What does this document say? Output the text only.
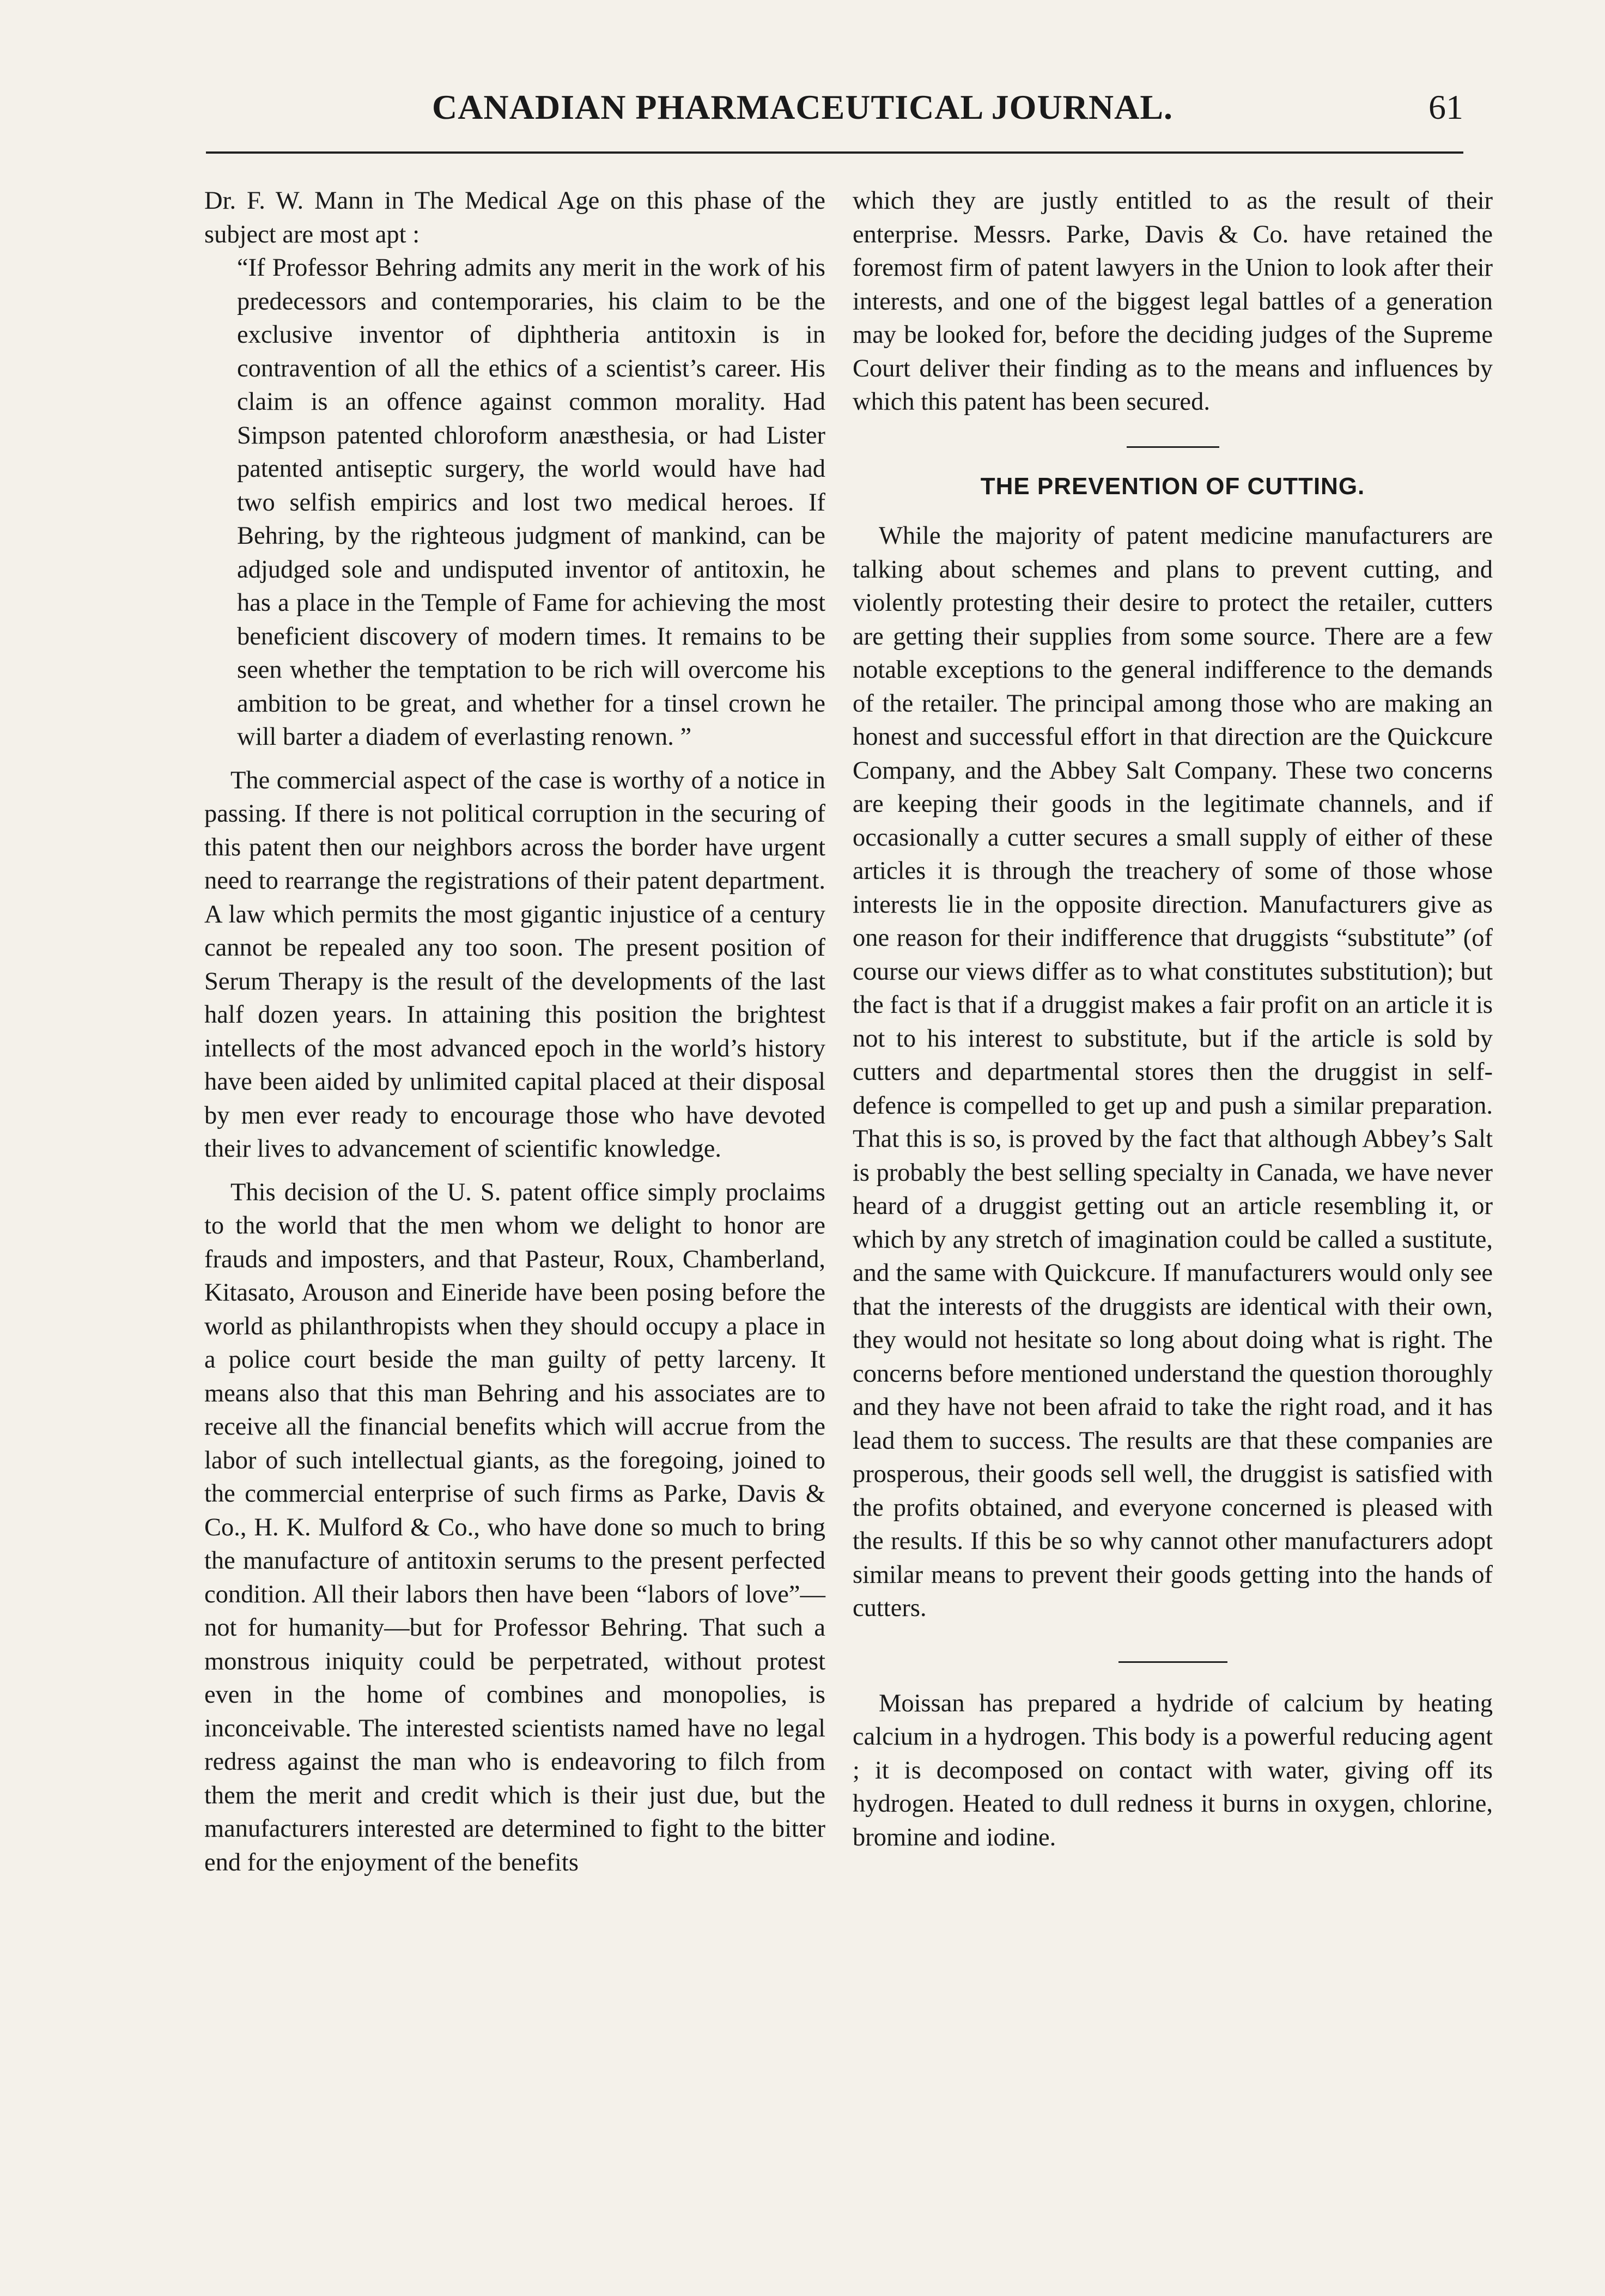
CANADIAN PHARMACEUTICAL JOURNAL.	61

Dr. F. W. Mann in The Medical Age on this phase of the subject are most apt :

“If Professor Behring admits any merit in the work of his predecessors and contemporaries, his claim to be the exclusive inventor of diphtheria antitoxin is in contravention of all the ethics of a scientist’s career. His claim is an offence against common morality. Had Simpson patented chloroform anæsthesia, or had Lister patented antiseptic surgery, the world would have had two selfish empirics and lost two medical heroes. If Behring, by the righteous judgment of mankind, can be adjudged sole and undisputed inventor of antitoxin, he has a place in the Temple of Fame for achieving the most beneficient discovery of modern times. It remains to be seen whether the temptation to be rich will overcome his ambition to be great, and whether for a tinsel crown he will barter a diadem of everlasting renown. ”

The commercial aspect of the case is worthy of a notice in passing. If there is not political corruption in the securing of this patent then our neighbors across the border have urgent need to rearrange the registrations of their patent department. A law which permits the most gigantic injustice of a century cannot be repealed any too soon. The present position of Serum Therapy is the result of the developments of the last half dozen years. In attaining this position the brightest intellects of the most advanced epoch in the world’s history have been aided by unlimited capital placed at their disposal by men ever ready to encourage those who have devoted their lives to advancement of scientific knowledge.

This decision of the U. S. patent office simply proclaims to the world that the men whom we delight to honor are frauds and imposters, and that Pasteur, Roux, Chamberland, Kitasato, Arouson and Eineride have been posing before the world as philanthropists when they should occupy a place in a police court beside the man guilty of petty larceny. It means also that this man Behring and his associates are to receive all the financial benefits which will accrue from the labor of such intellectual giants, as the foregoing, joined to the commercial enterprise of such firms as Parke, Davis & Co., H. K. Mulford & Co., who have done so much to bring the manufacture of antitoxin serums to the present perfected condition. All their labors then have been “labors of love”—not for humanity—but for Professor Behring. That such a monstrous iniquity could be perpetrated, without protest even in the home of combines and monopolies, is inconceivable. The interested scientists named have no legal redress against the man who is endeavoring to filch from them the merit and credit which is their just due, but the manufacturers interested are determined to fight to the bitter end for the enjoyment of the benefits

which they are justly entitled to as the result of their enterprise. Messrs. Parke, Davis & Co. have retained the foremost firm of patent lawyers in the Union to look after their interests, and one of the biggest legal battles of a generation may be looked for, before the deciding judges of the Supreme Court deliver their finding as to the means and influences by which this patent has been secured.

THE PREVENTION OF CUTTING.

While the majority of patent medicine manufacturers are talking about schemes and plans to prevent cutting, and violently protesting their desire to protect the retailer, cutters are getting their supplies from some source. There are a few notable exceptions to the general indifference to the demands of the retailer. The principal among those who are making an honest and successful effort in that direction are the Quickcure Company, and the Abbey Salt Company. These two concerns are keeping their goods in the legitimate channels, and if occasionally a cutter secures a small supply of either of these articles it is through the treachery of some of those whose interests lie in the opposite direction. Manufacturers give as one reason for their indifference that druggists “substitute” (of course our views differ as to what constitutes substitution); but the fact is that if a druggist makes a fair profit on an article it is not to his interest to substitute, but if the article is sold by cutters and departmental stores then the druggist in self-defence is compelled to get up and push a similar preparation. That this is so, is proved by the fact that although Abbey’s Salt is probably the best selling specialty in Canada, we have never heard of a druggist getting out an article resembling it, or which by any stretch of imagination could be called a sustitute, and the same with Quickcure. If manufacturers would only see that the interests of the druggists are identical with their own, they would not hesitate so long about doing what is right. The concerns before mentioned understand the question thoroughly and they have not been afraid to take the right road, and it has lead them to success. The results are that these companies are prosperous, their goods sell well, the druggist is satisfied with the profits obtained, and everyone concerned is pleased with the results. If this be so why cannot other manufacturers adopt similar means to prevent their goods getting into the hands of cutters.

Moissan has prepared a hydride of calcium by heating calcium in a hydrogen. This body is a powerful reducing agent ; it is decomposed on contact with water, giving off its hydrogen. Heated to dull redness it burns in oxygen, chlorine, bromine and iodine.
